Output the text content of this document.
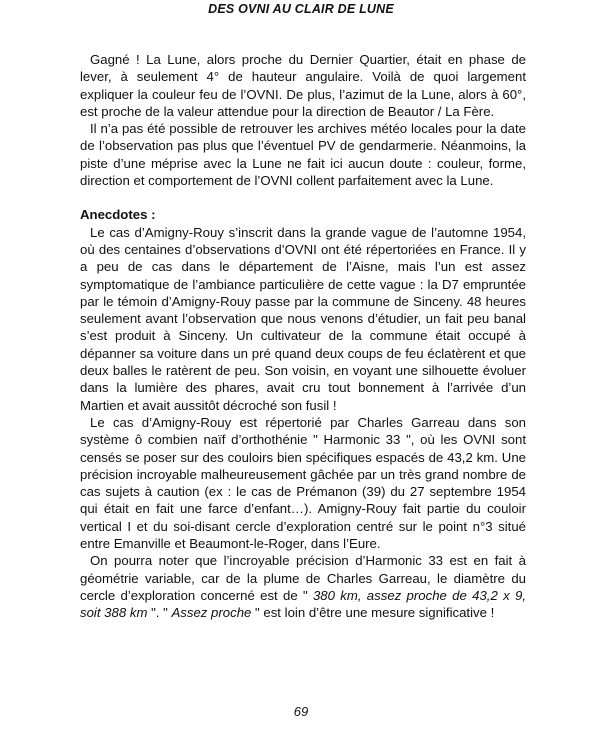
DES OVNI AU CLAIR DE LUNE

Gagné ! La Lune, alors proche du Dernier Quartier, était en phase de lever, à seulement 4° de hauteur angulaire. Voilà de quoi largement expliquer la couleur feu de l’OVNI. De plus, l’azimut de la Lune, alors à 60°, est proche de la valeur attendue pour la direction de Beautor / La Fère.

Il n’a pas été possible de retrouver les archives météo locales pour la date de l’observation pas plus que l’éventuel PV de gendarmerie. Néanmoins, la piste d’une méprise avec la Lune ne fait ici aucun doute : couleur, forme, direction et comportement de l’OVNI collent parfaitement avec la Lune.

Anecdotes :

Le cas d’Amigny-Rouy s’inscrit dans la grande vague de l’automne 1954, où des centaines d’observations d’OVNI ont été répertoriées en France. Il y a peu de cas dans le département de l’Aisne, mais l’un est assez symptomatique de l’ambiance particulière de cette vague : la D7 empruntée par le témoin d’Amigny-Rouy passe par la commune de Sinceny. 48 heures seulement avant l’observation que nous venons d’étudier, un fait peu banal s’est produit à Sinceny. Un cultivateur de la commune était occupé à dépanner sa voiture dans un pré quand deux coups de feu éclatèrent et que deux balles le ratèrent de peu. Son voisin, en voyant une silhouette évoluer dans la lumière des phares, avait cru tout bonnement à l’arrivée d’un Martien et avait aussitôt décroché son fusil !

Le cas d’Amigny-Rouy est répertorié par Charles Garreau dans son système ô combien naïf d’orthothénie " Harmonic 33 ", où les OVNI sont censés se poser sur des couloirs bien spécifiques espacés de 43,2 km. Une précision incroyable malheureusement gâchée par un très grand nombre de cas sujets à caution (ex : le cas de Prémanon (39) du 27 septembre 1954 qui était en fait une farce d’enfant…). Amigny-Rouy fait partie du couloir vertical I et du soi-disant cercle d’exploration centré sur le point n°3 situé entre Emanville et Beaumont-le-Roger, dans l’Eure.

On pourra noter que l’incroyable précision d’Harmonic 33 est en fait à géométrie variable, car de la plume de Charles Garreau, le diamètre du cercle d’exploration concerné est de " 380 km, assez proche de 43,2 x 9, soit 388 km ". " Assez proche " est loin d’être une mesure significative !

69
